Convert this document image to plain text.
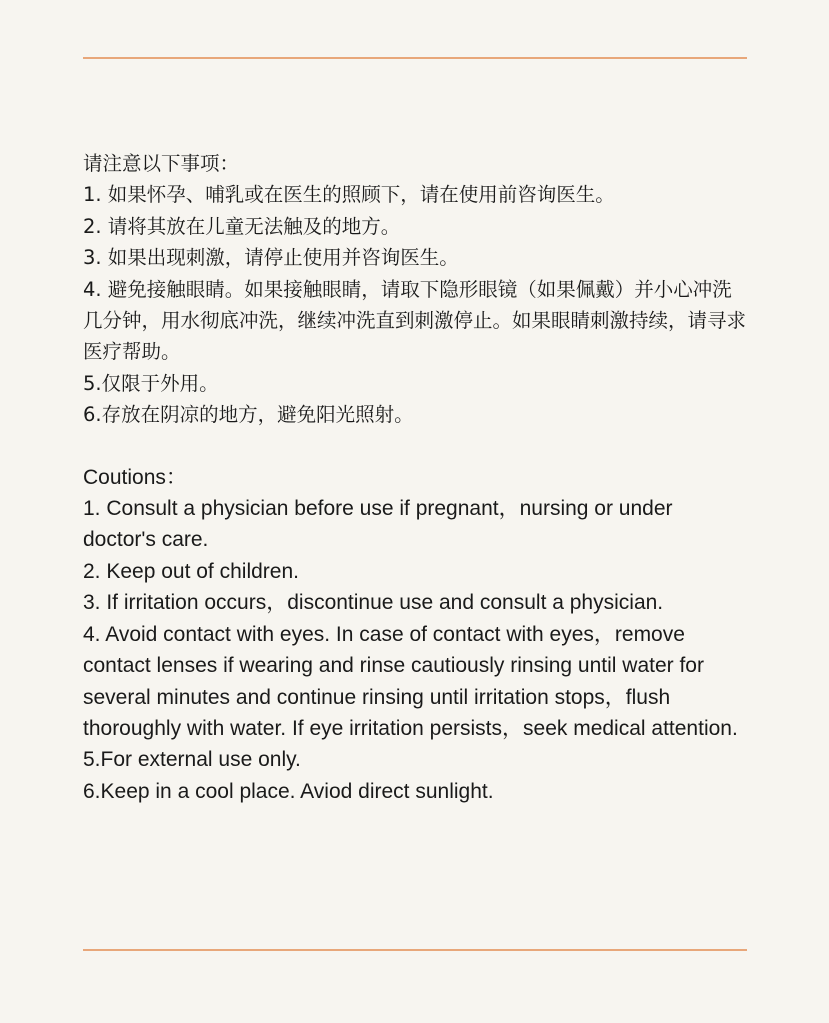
请注意以下事项：
1. 如果怀孕、哺乳或在医生的照顾下，请在使用前咨询医生。
2. 请将其放在儿童无法触及的地方。
3. 如果出现刺激，请停止使用并咨询医生。
4. 避免接触眼睛。如果接触眼睛，请取下隐形眼镜（如果佩戴）并小心冲洗几分钟，用水彻底冲洗，继续冲洗直到刺激停止。如果眼睛刺激持续，请寻求医疗帮助。
5.仅限于外用。
6.存放在阴凉的地方，避免阳光照射。
Coutions：
1. Consult a physician before use if pregnant，nursing or under doctor's care.
2. Keep out of children.
3. If irritation occurs，discontinue use and consult a physician.
4. Avoid contact with eyes. In case of contact with eyes，remove contact lenses if wearing and rinse cautiously rinsing until water for several minutes and continue rinsing until irritation stops，flush thoroughly with water. If eye irritation persists，seek medical attention.
5.For external use only.
6.Keep in a cool place. Aviod direct sunlight.
